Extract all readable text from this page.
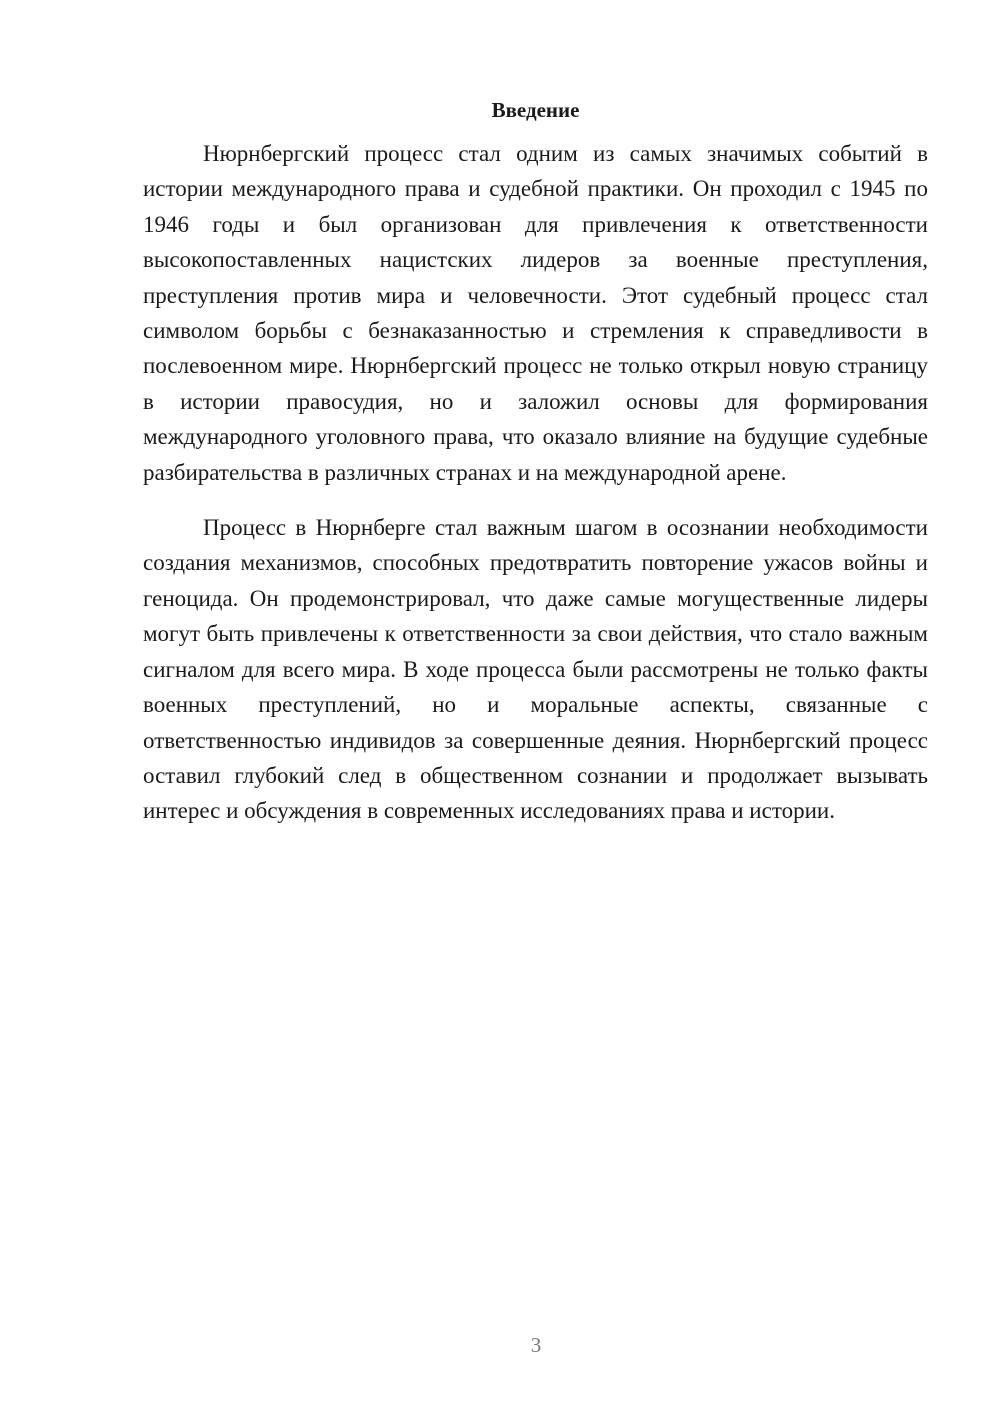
Введение

Нюрнбергский процесс стал одним из самых значимых событий в истории международного права и судебной практики. Он проходил с 1945 по 1946 годы и был организован для привлечения к ответственности высокопоставленных нацистских лидеров за военные преступления, преступления против мира и человечности. Этот судебный процесс стал символом борьбы с безнаказанностью и стремления к справедливости в послевоенном мире. Нюрнбергский процесс не только открыл новую страницу в истории правосудия, но и заложил основы для формирования международного уголовного права, что оказало влияние на будущие судебные разбирательства в различных странах и на международной арене.

Процесс в Нюрнберге стал важным шагом в осознании необходимости создания механизмов, способных предотвратить повторение ужасов войны и геноцида. Он продемонстрировал, что даже самые могущественные лидеры могут быть привлечены к ответственности за свои действия, что стало важным сигналом для всего мира. В ходе процесса были рассмотрены не только факты военных преступлений, но и моральные аспекты, связанные с ответственностью индивидов за совершенные деяния. Нюрнбергский процесс оставил глубокий след в общественном сознании и продолжает вызывать интерес и обсуждения в современных исследованиях права и истории.

3
